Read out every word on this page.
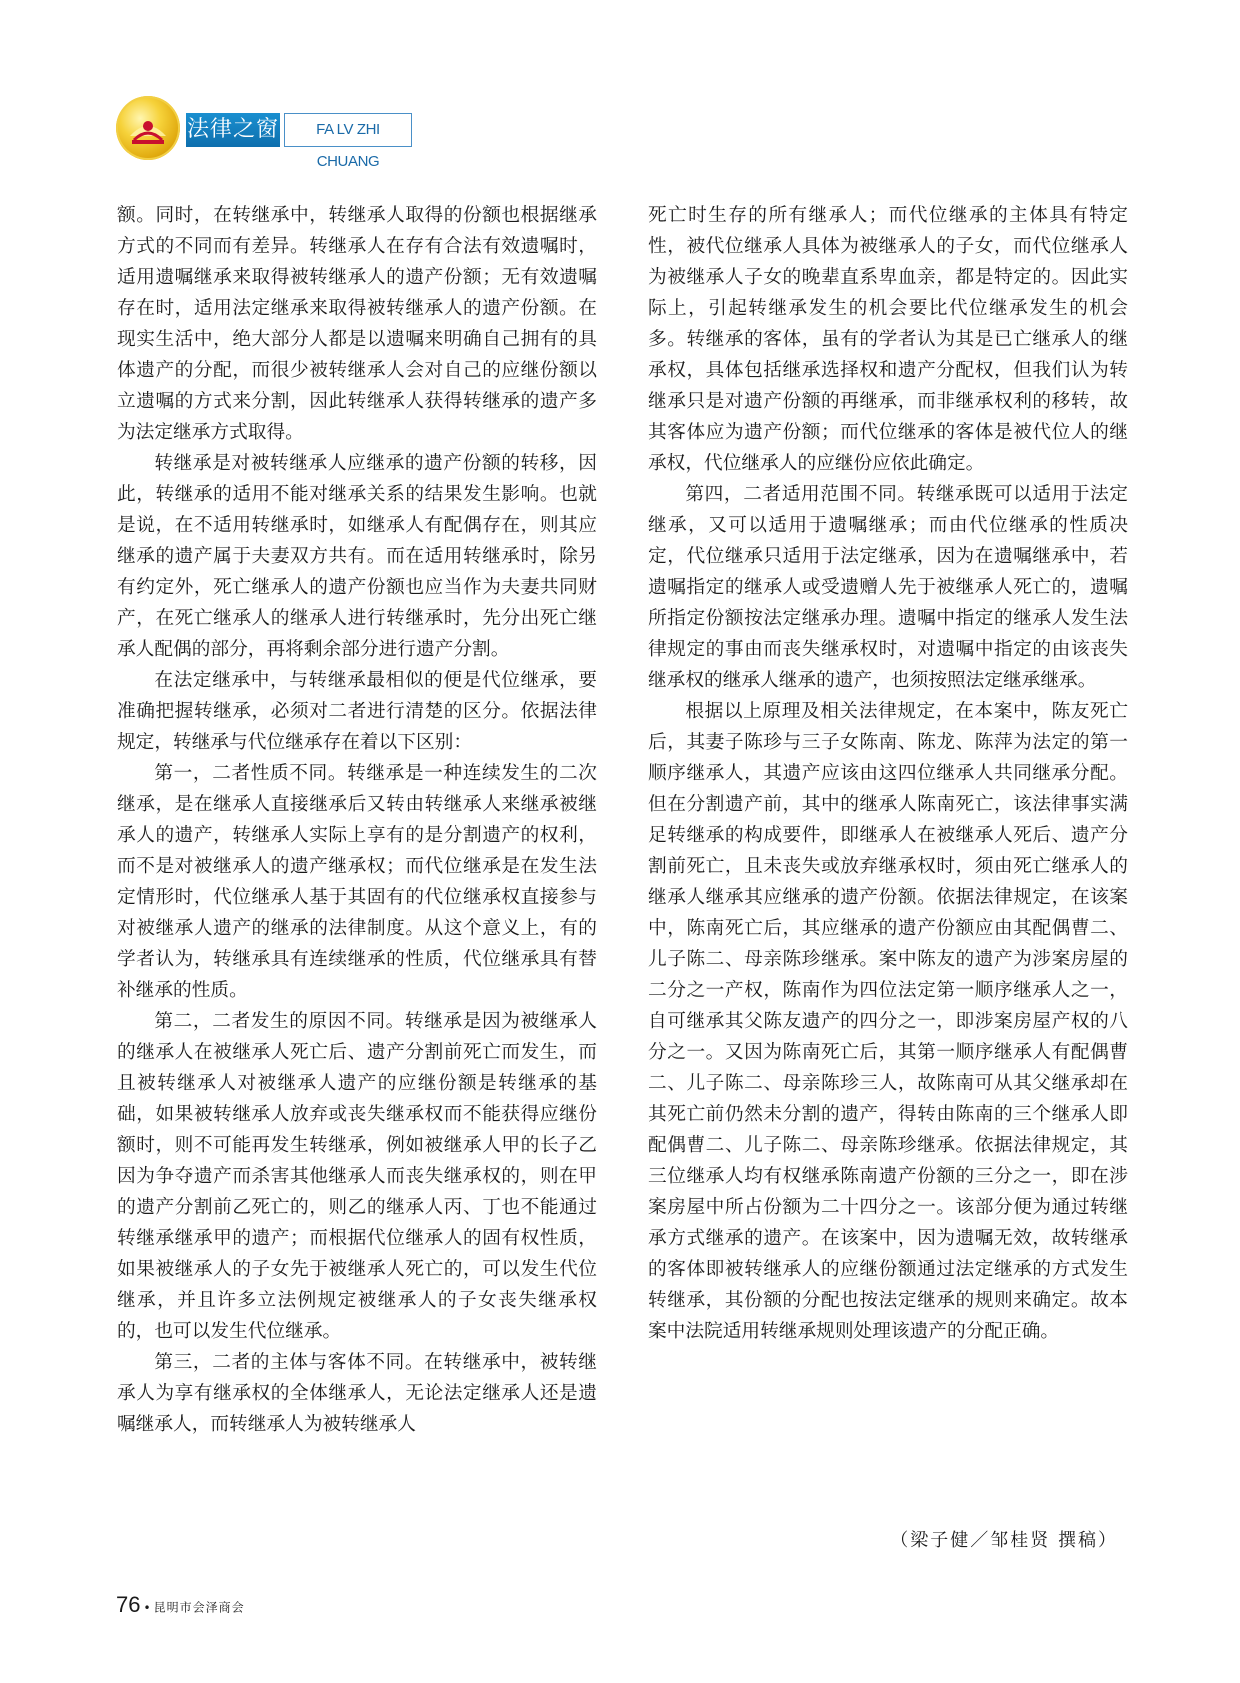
法律之窗	FA LV ZHI CHUANG

额。同时，在转继承中，转继承人取得的份额也根据继承方式的不同而有差异。转继承人在存有合法有效遗嘱时，适用遗嘱继承来取得被转继承人的遗产份额；无有效遗嘱存在时，适用法定继承来取得被转继承人的遗产份额。在现实生活中，绝大部分人都是以遗嘱来明确自己拥有的具体遗产的分配，而很少被转继承人会对自己的应继份额以立遗嘱的方式来分割，因此转继承人获得转继承的遗产多为法定继承方式取得。

转继承是对被转继承人应继承的遗产份额的转移，因此，转继承的适用不能对继承关系的结果发生影响。也就是说，在不适用转继承时，如继承人有配偶存在，则其应继承的遗产属于夫妻双方共有。而在适用转继承时，除另有约定外，死亡继承人的遗产份额也应当作为夫妻共同财产，在死亡继承人的继承人进行转继承时，先分出死亡继承人配偶的部分，再将剩余部分进行遗产分割。

在法定继承中，与转继承最相似的便是代位继承，要准确把握转继承，必须对二者进行清楚的区分。依据法律规定，转继承与代位继承存在着以下区别：

第一，二者性质不同。转继承是一种连续发生的二次继承，是在继承人直接继承后又转由转继承人来继承被继承人的遗产，转继承人实际上享有的是分割遗产的权利，而不是对被继承人的遗产继承权；而代位继承是在发生法定情形时，代位继承人基于其固有的代位继承权直接参与对被继承人遗产的继承的法律制度。从这个意义上，有的学者认为，转继承具有连续继承的性质，代位继承具有替补继承的性质。

第二，二者发生的原因不同。转继承是因为被继承人的继承人在被继承人死亡后、遗产分割前死亡而发生，而且被转继承人对被继承人遗产的应继份额是转继承的基础，如果被转继承人放弃或丧失继承权而不能获得应继份额时，则不可能再发生转继承，例如被继承人甲的长子乙因为争夺遗产而杀害其他继承人而丧失继承权的，则在甲的遗产分割前乙死亡的，则乙的继承人丙、丁也不能通过转继承继承甲的遗产；而根据代位继承人的固有权性质，如果被继承人的子女先于被继承人死亡的，可以发生代位继承，并且许多立法例规定被继承人的子女丧失继承权的，也可以发生代位继承。

第三，二者的主体与客体不同。在转继承中，被转继承人为享有继承权的全体继承人，无论法定继承人还是遗嘱继承人，而转继承人为被转继承人

死亡时生存的所有继承人；而代位继承的主体具有特定性，被代位继承人具体为被继承人的子女，而代位继承人为被继承人子女的晚辈直系卑血亲，都是特定的。因此实际上，引起转继承发生的机会要比代位继承发生的机会多。转继承的客体，虽有的学者认为其是已亡继承人的继承权，具体包括继承选择权和遗产分配权，但我们认为转继承只是对遗产份额的再继承，而非继承权利的移转，故其客体应为遗产份额；而代位继承的客体是被代位人的继承权，代位继承人的应继份应依此确定。

第四，二者适用范围不同。转继承既可以适用于法定继承，又可以适用于遗嘱继承；而由代位继承的性质决定，代位继承只适用于法定继承，因为在遗嘱继承中，若遗嘱指定的继承人或受遗赠人先于被继承人死亡的，遗嘱所指定份额按法定继承办理。遗嘱中指定的继承人发生法律规定的事由而丧失继承权时，对遗嘱中指定的由该丧失继承权的继承人继承的遗产，也须按照法定继承继承。

根据以上原理及相关法律规定，在本案中，陈友死亡后，其妻子陈珍与三子女陈南、陈龙、陈萍为法定的第一顺序继承人，其遗产应该由这四位继承人共同继承分配。但在分割遗产前，其中的继承人陈南死亡，该法律事实满足转继承的构成要件，即继承人在被继承人死后、遗产分割前死亡，且未丧失或放弃继承权时，须由死亡继承人的继承人继承其应继承的遗产份额。依据法律规定，在该案中，陈南死亡后，其应继承的遗产份额应由其配偶曹二、儿子陈二、母亲陈珍继承。案中陈友的遗产为涉案房屋的二分之一产权，陈南作为四位法定第一顺序继承人之一，自可继承其父陈友遗产的四分之一，即涉案房屋产权的八分之一。又因为陈南死亡后，其第一顺序继承人有配偶曹二、儿子陈二、母亲陈珍三人，故陈南可从其父继承却在其死亡前仍然未分割的遗产，得转由陈南的三个继承人即配偶曹二、儿子陈二、母亲陈珍继承。依据法律规定，其三位继承人均有权继承陈南遗产份额的三分之一，即在涉案房屋中所占份额为二十四分之一。该部分便为通过转继承方式继承的遗产。在该案中，因为遗嘱无效，故转继承的客体即被转继承人的应继份额通过法定继承的方式发生转继承，其份额的分配也按法定继承的规则来确定。故本案中法院适用转继承规则处理该遗产的分配正确。

（梁子健／邹桂贤 撰稿）
76 • 昆明市会泽商会
